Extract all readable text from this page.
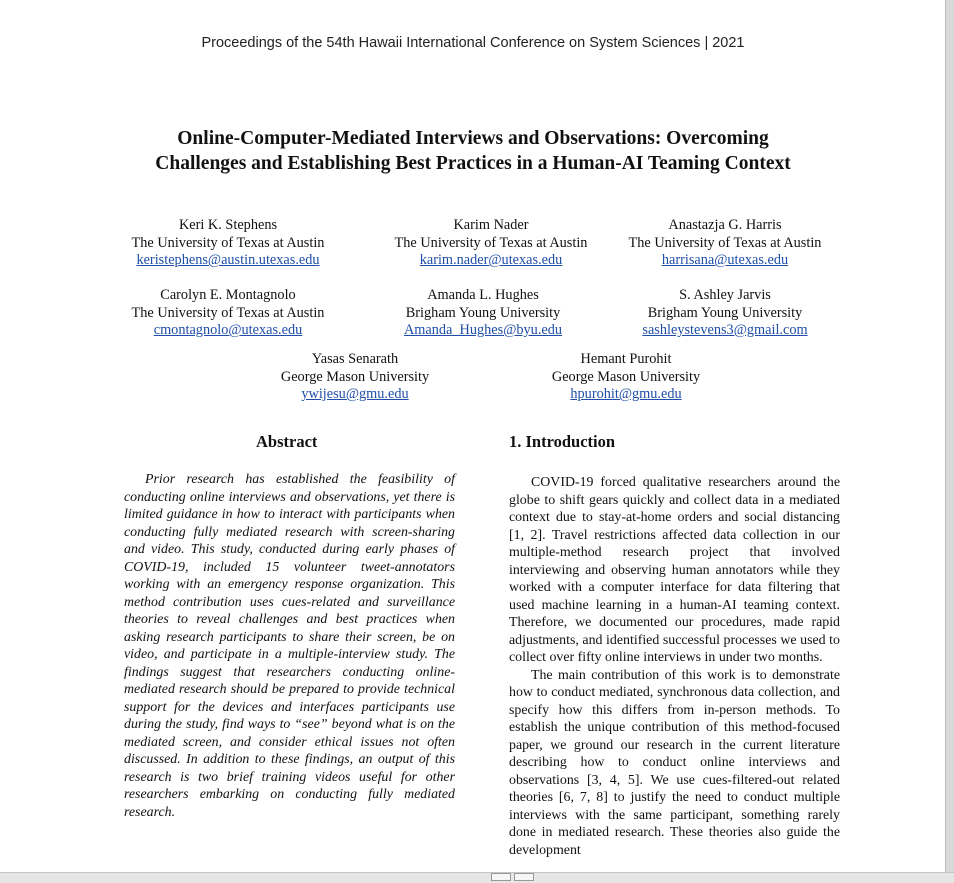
Proceedings of the 54th Hawaii International Conference on System Sciences | 2021
Online-Computer-Mediated Interviews and Observations: Overcoming
Challenges and Establishing Best Practices in a Human-AI Teaming Context
Keri K. Stephens
The University of Texas at Austin
keristephens@austin.utexas.edu
Karim Nader
The University of Texas at Austin
karim.nader@utexas.edu
Anastazja G. Harris
The University of Texas at Austin
harrisana@utexas.edu
Carolyn E. Montagnolo
The University of Texas at Austin
cmontagnolo@utexas.edu
Amanda L. Hughes
Brigham Young University
Amanda_Hughes@byu.edu
S. Ashley Jarvis
Brigham Young University
sashleystevens3@gmail.com
Yasas Senarath
George Mason University
ywijesu@gmu.edu
Hemant Purohit
George Mason University
hpurohit@gmu.edu
Abstract

Prior research has established the feasibility of conducting online interviews and observations, yet there is limited guidance in how to interact with participants when conducting fully mediated research with screen-sharing and video. This study, conducted during early phases of COVID-19, included 15 volunteer tweet-annotators working with an emergency response organization. This method contribution uses cues-related and surveillance theories to reveal challenges and best practices when asking research participants to share their screen, be on video, and participate in a multiple-interview study. The findings suggest that researchers conducting online-mediated research should be prepared to provide technical support for the devices and interfaces participants use during the study, find ways to “see” beyond what is on the mediated screen, and consider ethical issues not often discussed. In addition to these findings, an output of this research is two brief training videos useful for other researchers embarking on conducting fully mediated research.

1. Introduction

COVID-19 forced qualitative researchers around the globe to shift gears quickly and collect data in a mediated context due to stay-at-home orders and social distancing [1, 2]. Travel restrictions affected data collection in our multiple-method research project that involved interviewing and observing human annotators while they worked with a computer interface for data filtering that used machine learning in a human-AI teaming context. Therefore, we documented our procedures, made rapid adjustments, and identified successful processes we used to collect over fifty online interviews in under two months.

The main contribution of this work is to demonstrate how to conduct mediated, synchronous data collection, and specify how this differs from in-person methods. To establish the unique contribution of this method-focused paper, we ground our research in the current literature describing how to conduct online interviews and observations [3, 4, 5]. We use cues-filtered-out related theories [6, 7, 8] to justify the need to conduct multiple interviews with the same participant, something rarely done in mediated research. These theories also guide the development
